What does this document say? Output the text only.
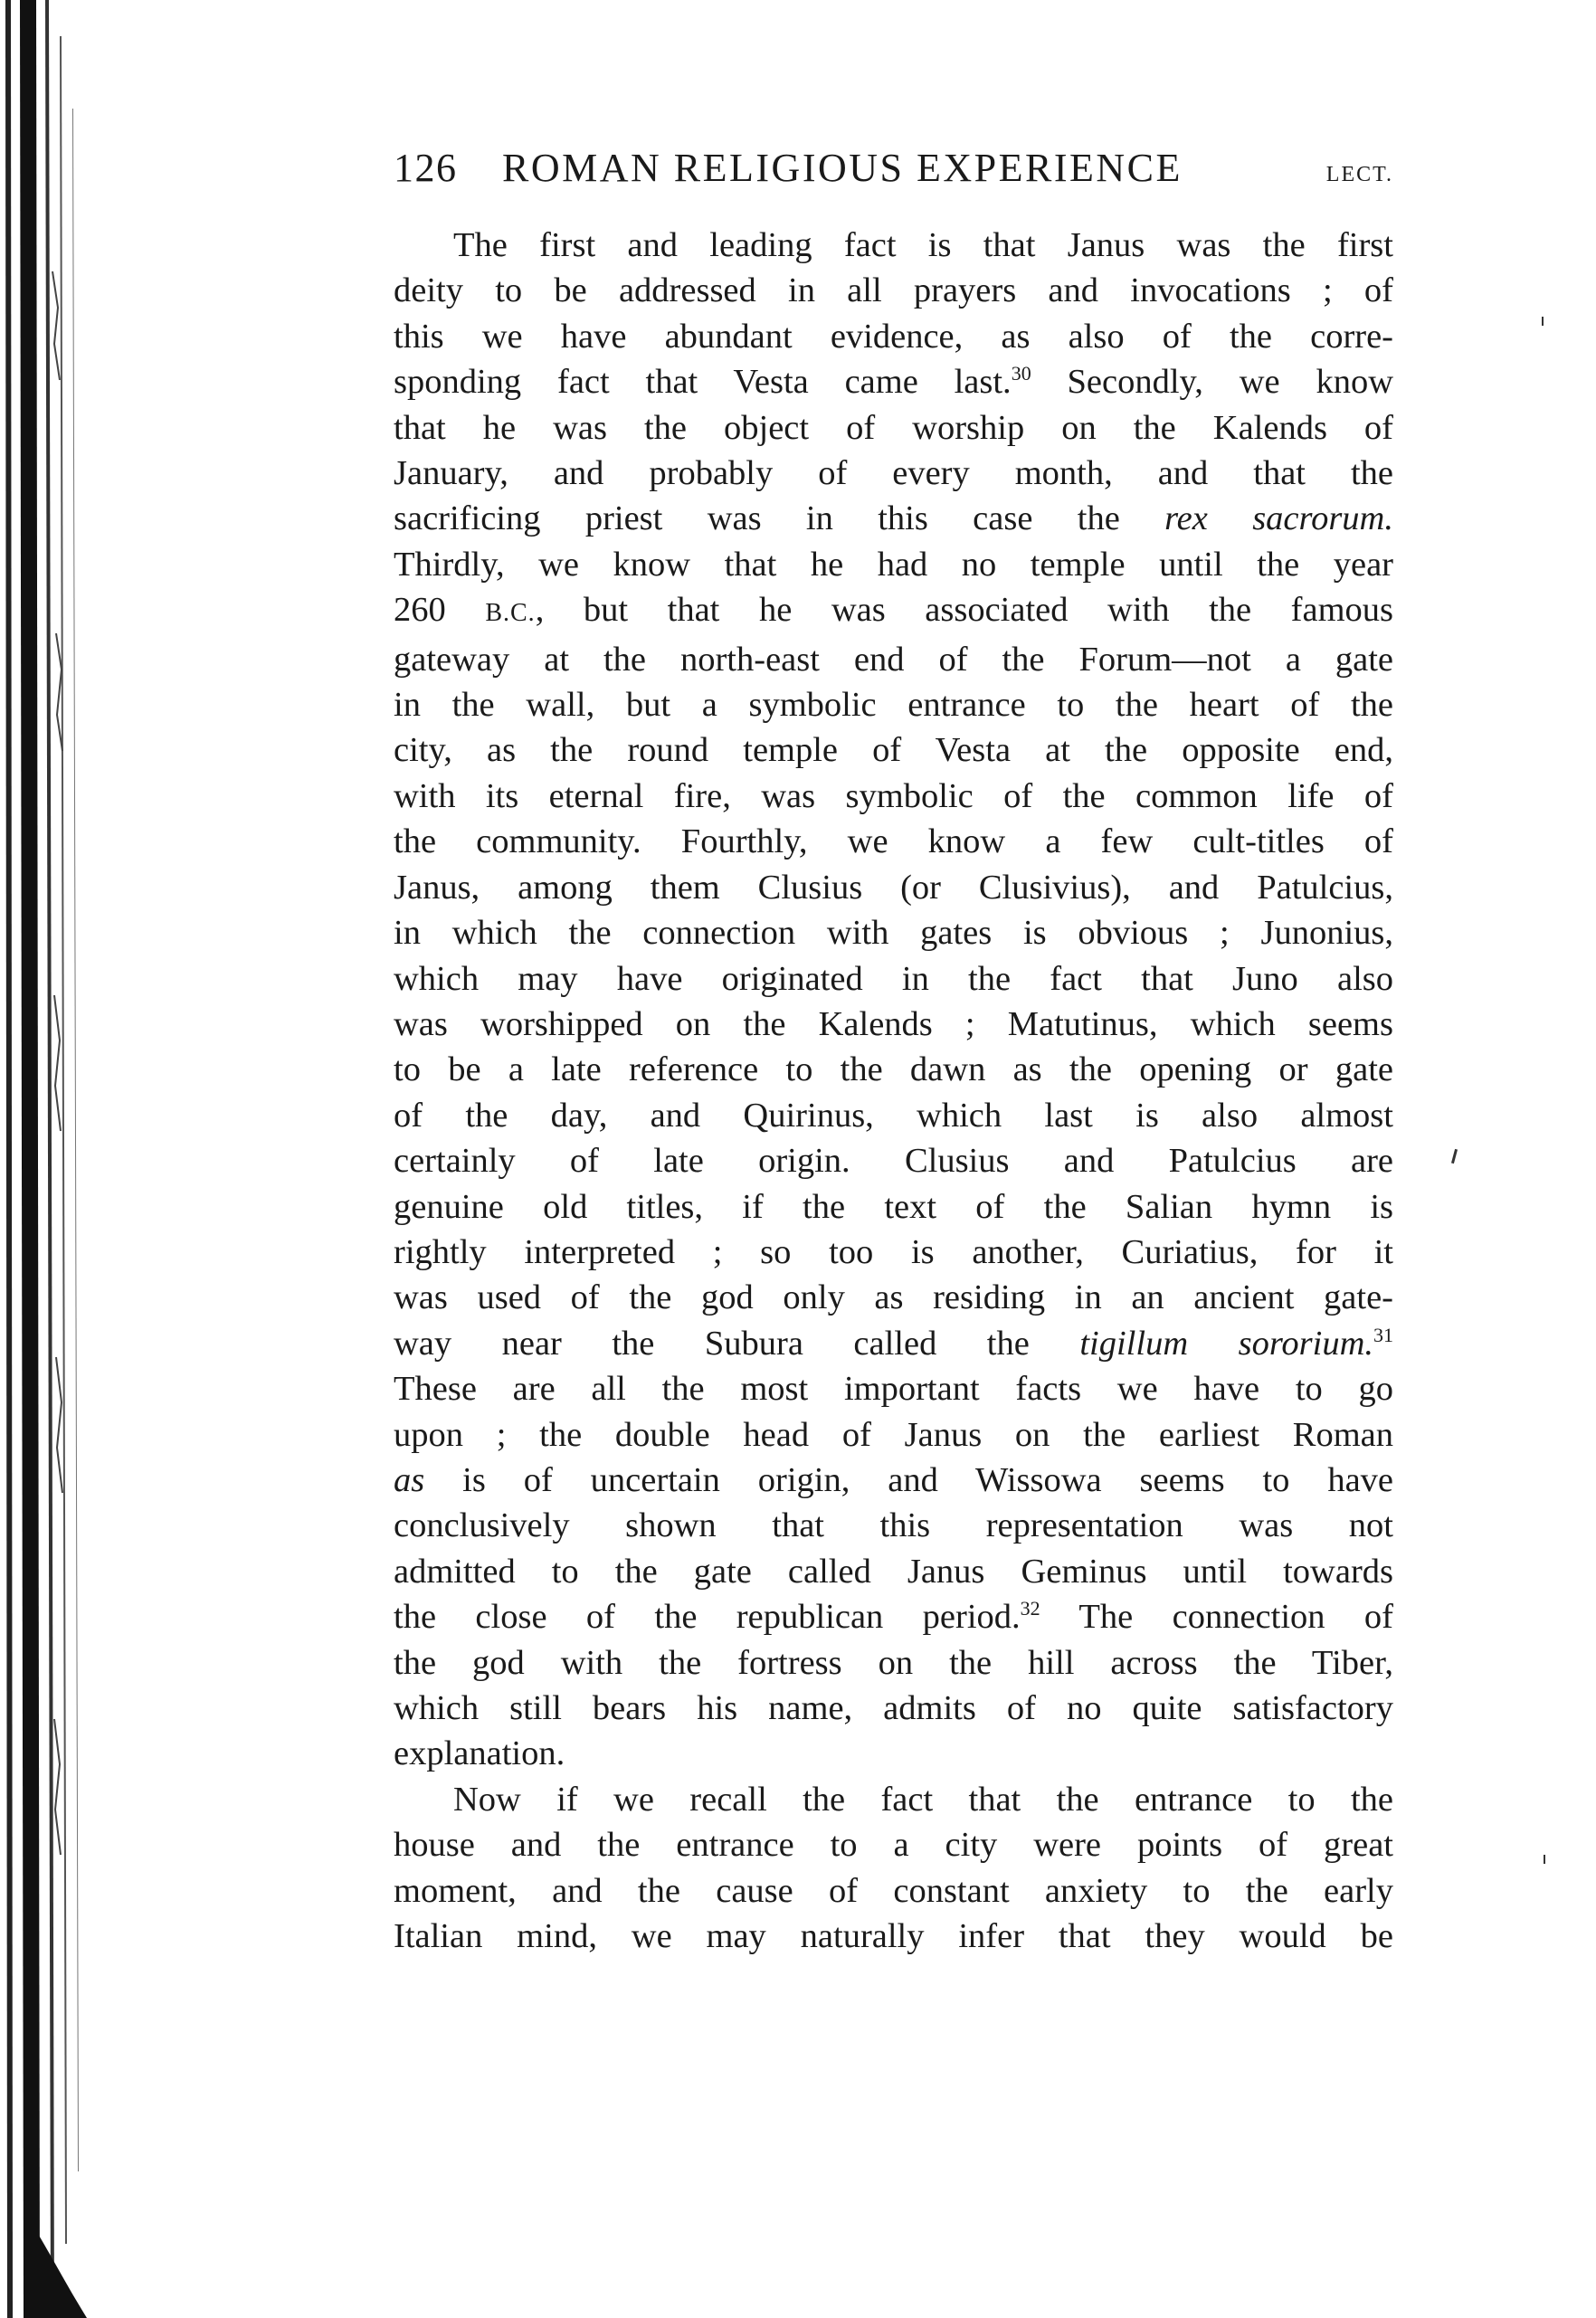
126	ROMAN RELIGIOUS EXPERIENCE	LECT.
The first and leading fact is that Janus was the first
deity to be addressed in all prayers and invocations ; of
this we have abundant evidence, as also of the corre-
sponding fact that Vesta came last.$^{30}$ Secondly, we know
that he was the object of worship on the Kalends of
January, and probably of every month, and that the
sacrificing priest was in this case the rex sacrorum.
Thirdly, we know that he had no temple until the year
260 B.C., but that he was associated with the famous
gateway at the north-east end of the Forum—not a gate
in the wall, but a symbolic entrance to the heart of the
city, as the round temple of Vesta at the opposite end,
with its eternal fire, was symbolic of the common life of
the community. Fourthly, we know a few cult-titles of
Janus, among them Clusius (or Clusivius), and Patulcius,
in which the connection with gates is obvious ; Junonius,
which may have originated in the fact that Juno also
was worshipped on the Kalends ; Matutinus, which seems
to be a late reference to the dawn as the opening or gate
of the day, and Quirinus, which last is also almost
certainly of late origin. Clusius and Patulcius are
genuine old titles, if the text of the Salian hymn is
rightly interpreted ; so too is another, Curiatius, for it
was used of the god only as residing in an ancient gate-
way near the Subura called the tigillum sororium.$^{31}$
These are all the most important facts we have to go
upon ; the double head of Janus on the earliest Roman
as is of uncertain origin, and Wissowa seems to have
conclusively shown that this representation was not
admitted to the gate called Janus Geminus until towards
the close of the republican period.$^{32}$ The connection of
the god with the fortress on the hill across the Tiber,
which still bears his name, admits of no quite satisfactory
explanation.
Now if we recall the fact that the entrance to the
house and the entrance to a city were points of great
moment, and the cause of constant anxiety to the early
Italian mind, we may naturally infer that they would be
